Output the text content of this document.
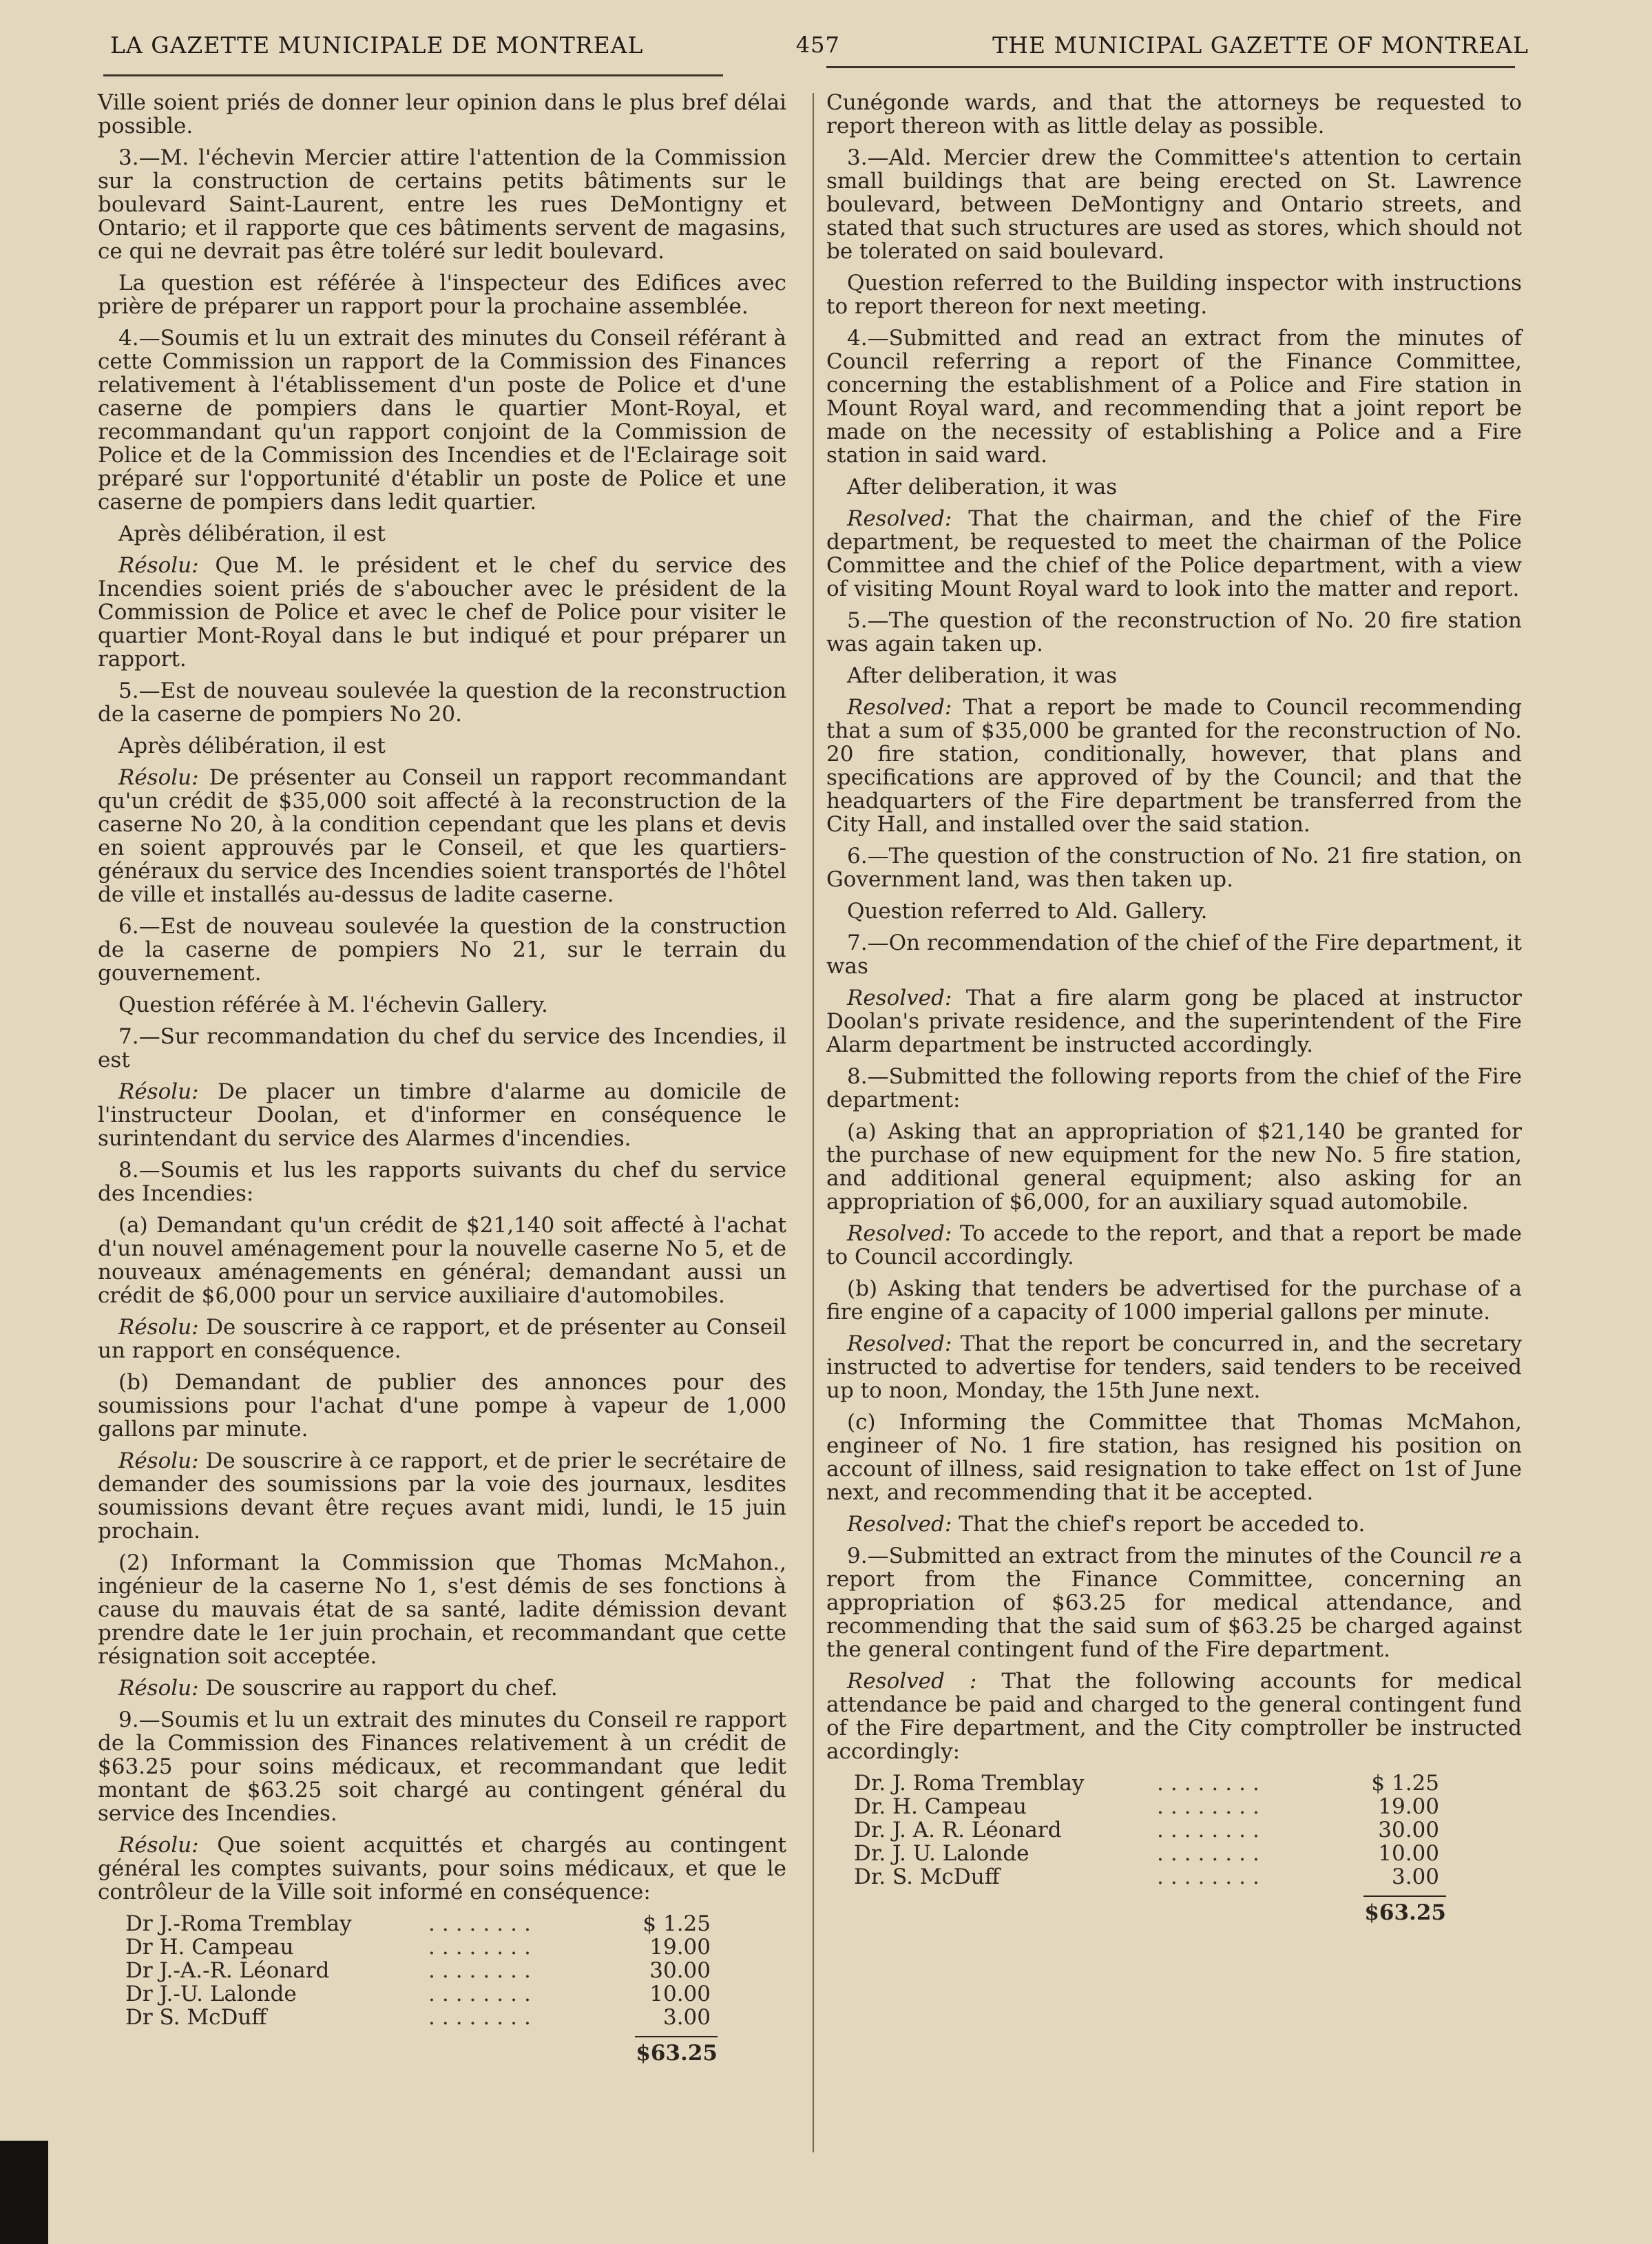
LA GAZETTE MUNICIPALE DE MONTREAL	457	THE MUNICIPAL GAZETTE OF MONTREAL

Ville soient priés de donner leur opinion dans le plus bref délai possible.

3.—M. l'échevin Mercier attire l'attention de la Commission sur la construction de certains petits bâtiments sur le boulevard Saint-Laurent, entre les rues DeMontigny et Ontario; et il rapporte que ces bâtiments servent de magasins, ce qui ne devrait pas être toléré sur ledit boulevard.

La question est référée à l'inspecteur des Edifices avec prière de préparer un rapport pour la prochaine assemblée.

4.—Soumis et lu un extrait des minutes du Conseil référant à cette Commission un rapport de la Commission des Finances relativement à l'établissement d'un poste de Police et d'une caserne de pompiers dans le quartier Mont-Royal, et recommandant qu'un rapport conjoint de la Commission de Police et de la Commission des Incendies et de l'Eclairage soit préparé sur l'opportunité d'établir un poste de Police et une caserne de pompiers dans ledit quartier.

Après délibération, il est

Résolu: Que M. le président et le chef du service des Incendies soient priés de s'aboucher avec le président de la Commission de Police et avec le chef de Police pour visiter le quartier Mont-Royal dans le but indiqué et pour préparer un rapport.

5.—Est de nouveau soulevée la question de la reconstruction de la caserne de pompiers No 20.

Après délibération, il est

Résolu: De présenter au Conseil un rapport recommandant qu'un crédit de $35,000 soit affecté à la reconstruction de la caserne No 20, à la condition cependant que les plans et devis en soient approuvés par le Conseil, et que les quartiers-généraux du service des Incendies soient transportés de l'hôtel de ville et installés au-dessus de ladite caserne.

6.—Est de nouveau soulevée la question de la construction de la caserne de pompiers No 21, sur le terrain du gouvernement.

Question référée à M. l'échevin Gallery.

7.—Sur recommandation du chef du service des Incendies, il est

Résolu: De placer un timbre d'alarme au domicile de l'instructeur Doolan, et d'informer en conséquence le surintendant du service des Alarmes d'incendies.

8.—Soumis et lus les rapports suivants du chef du service des Incendies:

(a) Demandant qu'un crédit de $21,140 soit affecté à l'achat d'un nouvel aménagement pour la nouvelle caserne No 5, et de nouveaux aménagements en général; demandant aussi un crédit de $6,000 pour un service auxiliaire d'automobiles.

Résolu: De souscrire à ce rapport, et de présenter au Conseil un rapport en conséquence.

(b) Demandant de publier des annonces pour des soumissions pour l'achat d'une pompe à vapeur de 1,000 gallons par minute.

Résolu: De souscrire à ce rapport, et de prier le secrétaire de demander des soumissions par la voie des journaux, lesdites soumissions devant être reçues avant midi, lundi, le 15 juin prochain.

(2) Informant la Commission que Thomas McMahon., ingénieur de la caserne No 1, s'est démis de ses fonctions à cause du mauvais état de sa santé, ladite démission devant prendre date le 1er juin prochain, et recommandant que cette résignation soit acceptée.

Résolu: De souscrire au rapport du chef.

9.—Soumis et lu un extrait des minutes du Conseil re rapport de la Commission des Finances relativement à un crédit de $63.25 pour soins médicaux, et recommandant que ledit montant de $63.25 soit chargé au contingent général du service des Incendies.

Résolu: Que soient acquittés et chargés au contingent général les comptes suivants, pour soins médicaux, et que le contrôleur de la Ville soit informé en conséquence:

Dr J.-Roma Tremblay	........	$ 1.25
Dr H. Campeau	........	19.00
Dr J.-A.-R. Léonard	........	30.00
Dr J.-U. Lalonde	........	10.00
Dr S. McDuff	........	3.00
$63.25

Cunégonde wards, and that the attorneys be requested to report thereon with as little delay as possible.

3.—Ald. Mercier drew the Committee's attention to certain small buildings that are being erected on St. Lawrence boulevard, between DeMontigny and Ontario streets, and stated that such structures are used as stores, which should not be tolerated on said boulevard.

Question referred to the Building inspector with instructions to report thereon for next meeting.

4.—Submitted and read an extract from the minutes of Council referring a report of the Finance Committee, concerning the establishment of a Police and Fire station in Mount Royal ward, and recommending that a joint report be made on the necessity of establishing a Police and a Fire station in said ward.

After deliberation, it was

Resolved: That the chairman, and the chief of the Fire department, be requested to meet the chairman of the Police Committee and the chief of the Police department, with a view of visiting Mount Royal ward to look into the matter and report.

5.—The question of the reconstruction of No. 20 fire station was again taken up.

After deliberation, it was

Resolved: That a report be made to Council recommending that a sum of $35,000 be granted for the reconstruction of No. 20 fire station, conditionally, however, that plans and specifications are approved of by the Council; and that the headquarters of the Fire department be transferred from the City Hall, and installed over the said station.

6.—The question of the construction of No. 21 fire station, on Government land, was then taken up.

Question referred to Ald. Gallery.

7.—On recommendation of the chief of the Fire department, it was

Resolved: That a fire alarm gong be placed at instructor Doolan's private residence, and the superintendent of the Fire Alarm department be instructed accordingly.

8.—Submitted the following reports from the chief of the Fire department:

(a) Asking that an appropriation of $21,140 be granted for the purchase of new equipment for the new No. 5 fire station, and additional general equipment; also asking for an appropriation of $6,000, for an auxiliary squad automobile.

Resolved: To accede to the report, and that a report be made to Council accordingly.

(b) Asking that tenders be advertised for the purchase of a fire engine of a capacity of 1000 imperial gallons per minute.

Resolved: That the report be concurred in, and the secretary instructed to advertise for tenders, said tenders to be received up to noon, Monday, the 15th June next.

(c) Informing the Committee that Thomas McMahon, engineer of No. 1 fire station, has resigned his position on account of illness, said resignation to take effect on 1st of June next, and recommending that it be accepted.

Resolved: That the chief's report be acceded to.

9.—Submitted an extract from the minutes of the Council re a report from the Finance Committee, concerning an appropriation of $63.25 for medical attendance, and recommending that the said sum of $63.25 be charged against the general contingent fund of the Fire department.

Resolved : That the following accounts for medical attendance be paid and charged to the general contingent fund of the Fire department, and the City comptroller be instructed accordingly:

Dr. J. Roma Tremblay	........	$ 1.25
Dr. H. Campeau	........	19.00
Dr. J. A. R. Léonard	........	30.00
Dr. J. U. Lalonde	........	10.00
Dr. S. McDuff	........	3.00
$63.25
